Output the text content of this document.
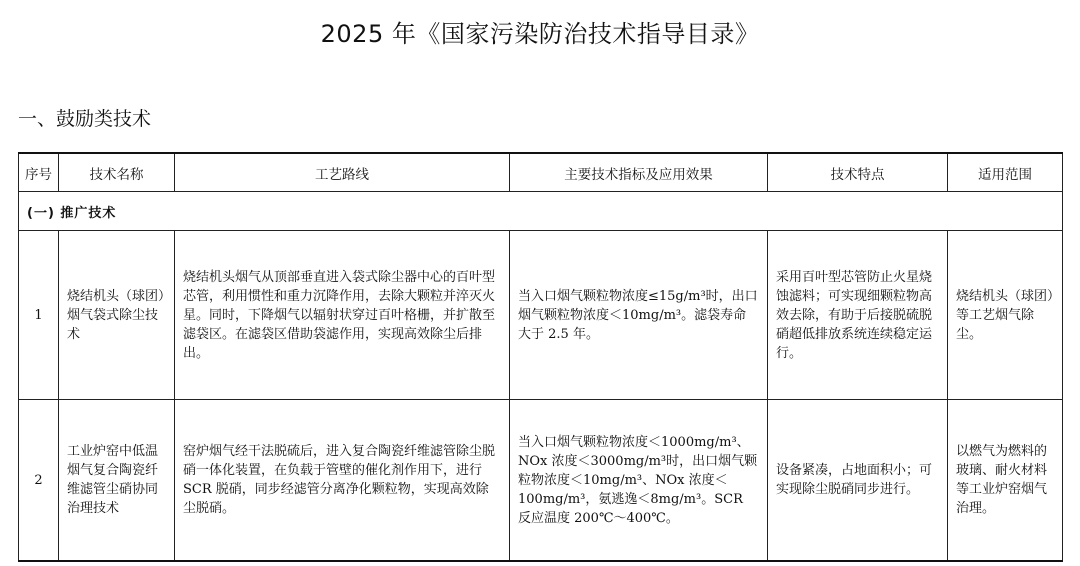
2025 年《国家污染防治技术指导目录》
一、鼓励类技术
序号	技术名称	工艺路线	主要技术指标及应用效果	技术特点	适用范围
(一) 推广技术					
1	烧结机头（球团）烟气袋式除尘技术	烧结机头烟气从顶部垂直进入袋式除尘器中心的百叶型芯管，利用惯性和重力沉降作用，去除大颗粒并淬灭火星。同时，下降烟气以辐射状穿过百叶格栅，并扩散至滤袋区。在滤袋区借助袋滤作用，实现高效除尘后排出。	当入口烟气颗粒物浓度≤15g/m³时，出口烟气颗粒物浓度＜10mg/m³。滤袋寿命大于 2.5 年。	采用百叶型芯管防止火星烧蚀滤料；可实现细颗粒物高效去除，有助于后接脱硫脱硝超低排放系统连续稳定运行。	烧结机头（球团）等工艺烟气除尘。
2	工业炉窑中低温烟气复合陶瓷纤维滤管尘硝协同治理技术	窑炉烟气经干法脱硫后，进入复合陶瓷纤维滤管除尘脱硝一体化装置，在负载于管壁的催化剂作用下，进行 SCR 脱硝，同步经滤管分离净化颗粒物，实现高效除尘脱硝。	当入口烟气颗粒物浓度＜1000mg/m³、NOx 浓度＜3000mg/m³时，出口烟气颗粒物浓度＜10mg/m³、NOx 浓度＜100mg/m³，氨逃逸＜8mg/m³。SCR 反应温度 200℃～400℃。	设备紧凑，占地面积小；可实现除尘脱硝同步进行。	以燃气为燃料的玻璃、耐火材料等工业炉窑烟气治理。
